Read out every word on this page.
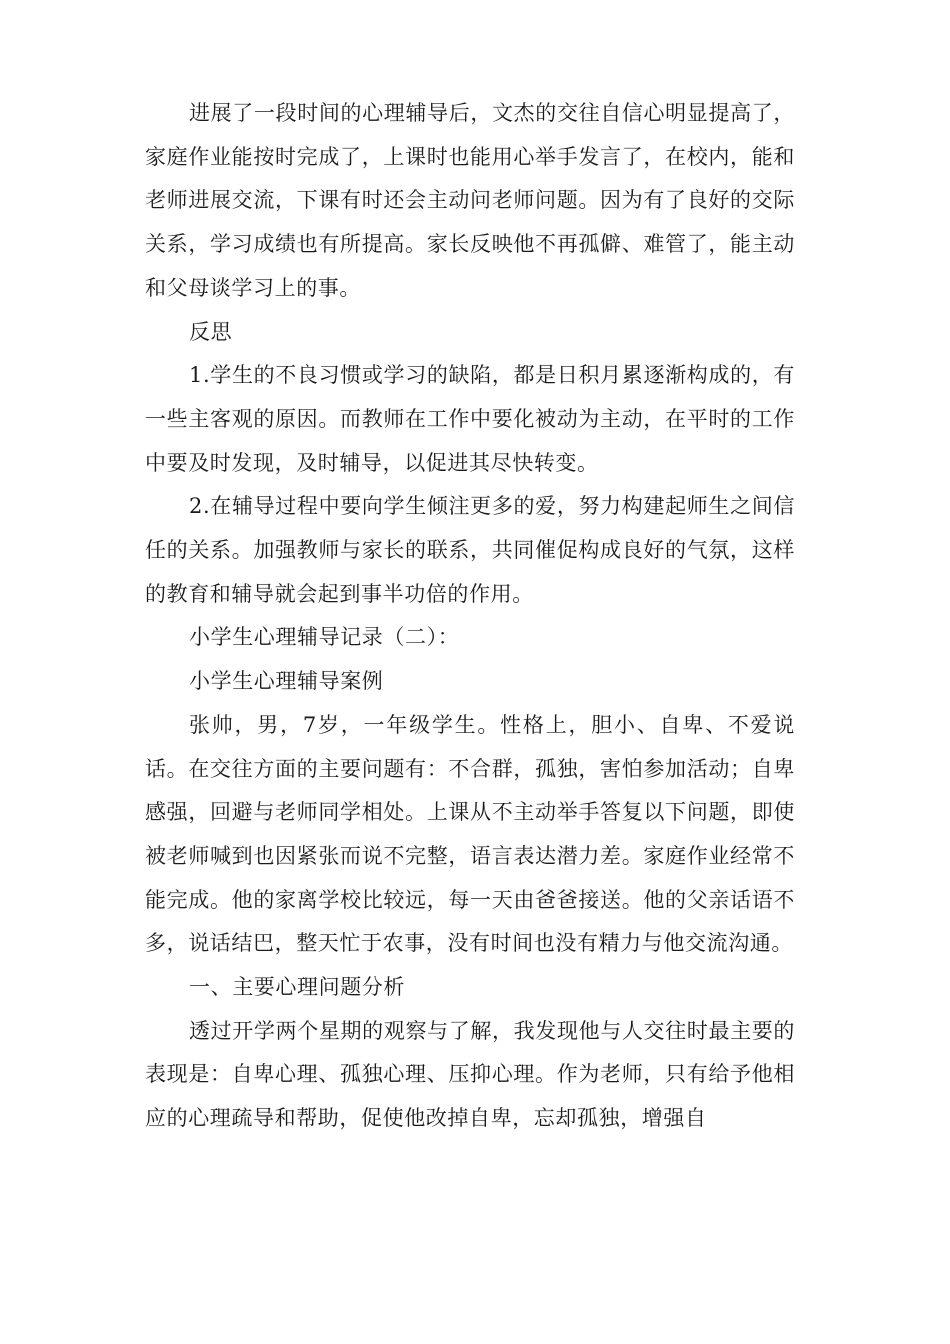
进展了一段时间的心理辅导后，文杰的交往自信心明显提高了，家庭作业能按时完成了，上课时也能用心举手发言了，在校内，能和老师进展交流，下课有时还会主动问老师问题。因为有了良好的交际关系，学习成绩也有所提高。家长反映他不再孤僻、难管了，能主动和父母谈学习上的事。

反思

1.学生的不良习惯或学习的缺陷，都是日积月累逐渐构成的，有一些主客观的原因。而教师在工作中要化被动为主动，在平时的工作中要及时发现，及时辅导，以促进其尽快转变。

2.在辅导过程中要向学生倾注更多的爱，努力构建起师生之间信任的关系。加强教师与家长的联系，共同催促构成良好的气氛，这样的教育和辅导就会起到事半功倍的作用。

小学生心理辅导记录（二）：

小学生心理辅导案例

张帅，男，7岁，一年级学生。性格上，胆小、自卑、不爱说话。在交往方面的主要问题有：不合群，孤独，害怕参加活动；自卑感强，回避与老师同学相处。上课从不主动举手答复以下问题，即使被老师喊到也因紧张而说不完整，语言表达潜力差。家庭作业经常不能完成。他的家离学校比较远，每一天由爸爸接送。他的父亲话语不多，说话结巴，整天忙于农事，没有时间也没有精力与他交流沟通。

一、主要心理问题分析

透过开学两个星期的观察与了解，我发现他与人交往时最主要的表现是：自卑心理、孤独心理、压抑心理。作为老师，只有给予他相应的心理疏导和帮助，促使他改掉自卑，忘却孤独，增强自
